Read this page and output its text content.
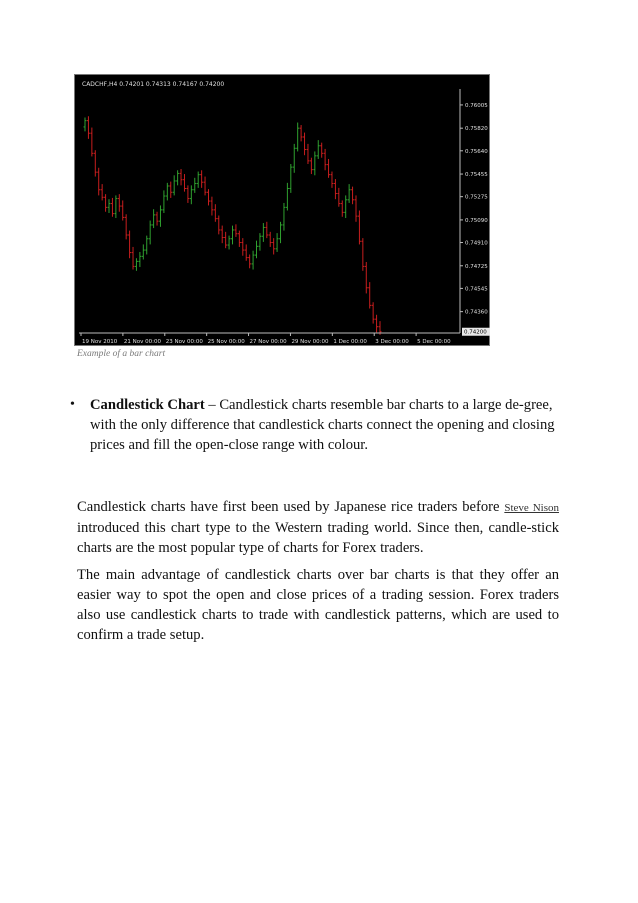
CADCHF,H4 0.74201 0.74313 0.74167 0.74200
0.76005
0.75820
0.75640
0.75455
0.75275
0.75090
0.74910
0.74725
0.74545
0.74360
0.74200
19 Nov 2010 21 Nov 00:00 23 Nov 00:00 25 Nov 00:00 27 Nov 00:00 29 Nov 00:00 1 Dec 00:00 3 Dec 00:00 5 Dec 00:00
Example of a bar chart
• Candlestick Chart – Candlestick charts resemble bar charts to a large de-gree, with the only difference that candlestick charts connect the opening and closing prices and fill the open-close range with colour.
Candlestick charts have first been used by Japanese rice traders before Steve Nison introduced this chart type to the Western trading world. Since then, candle-stick charts are the most popular type of charts for Forex traders.
The main advantage of candlestick charts over bar charts is that they offer an easier way to spot the open and close prices of a trading session. Forex traders also use candlestick charts to trade with candlestick patterns, which are used to confirm a trade setup.
